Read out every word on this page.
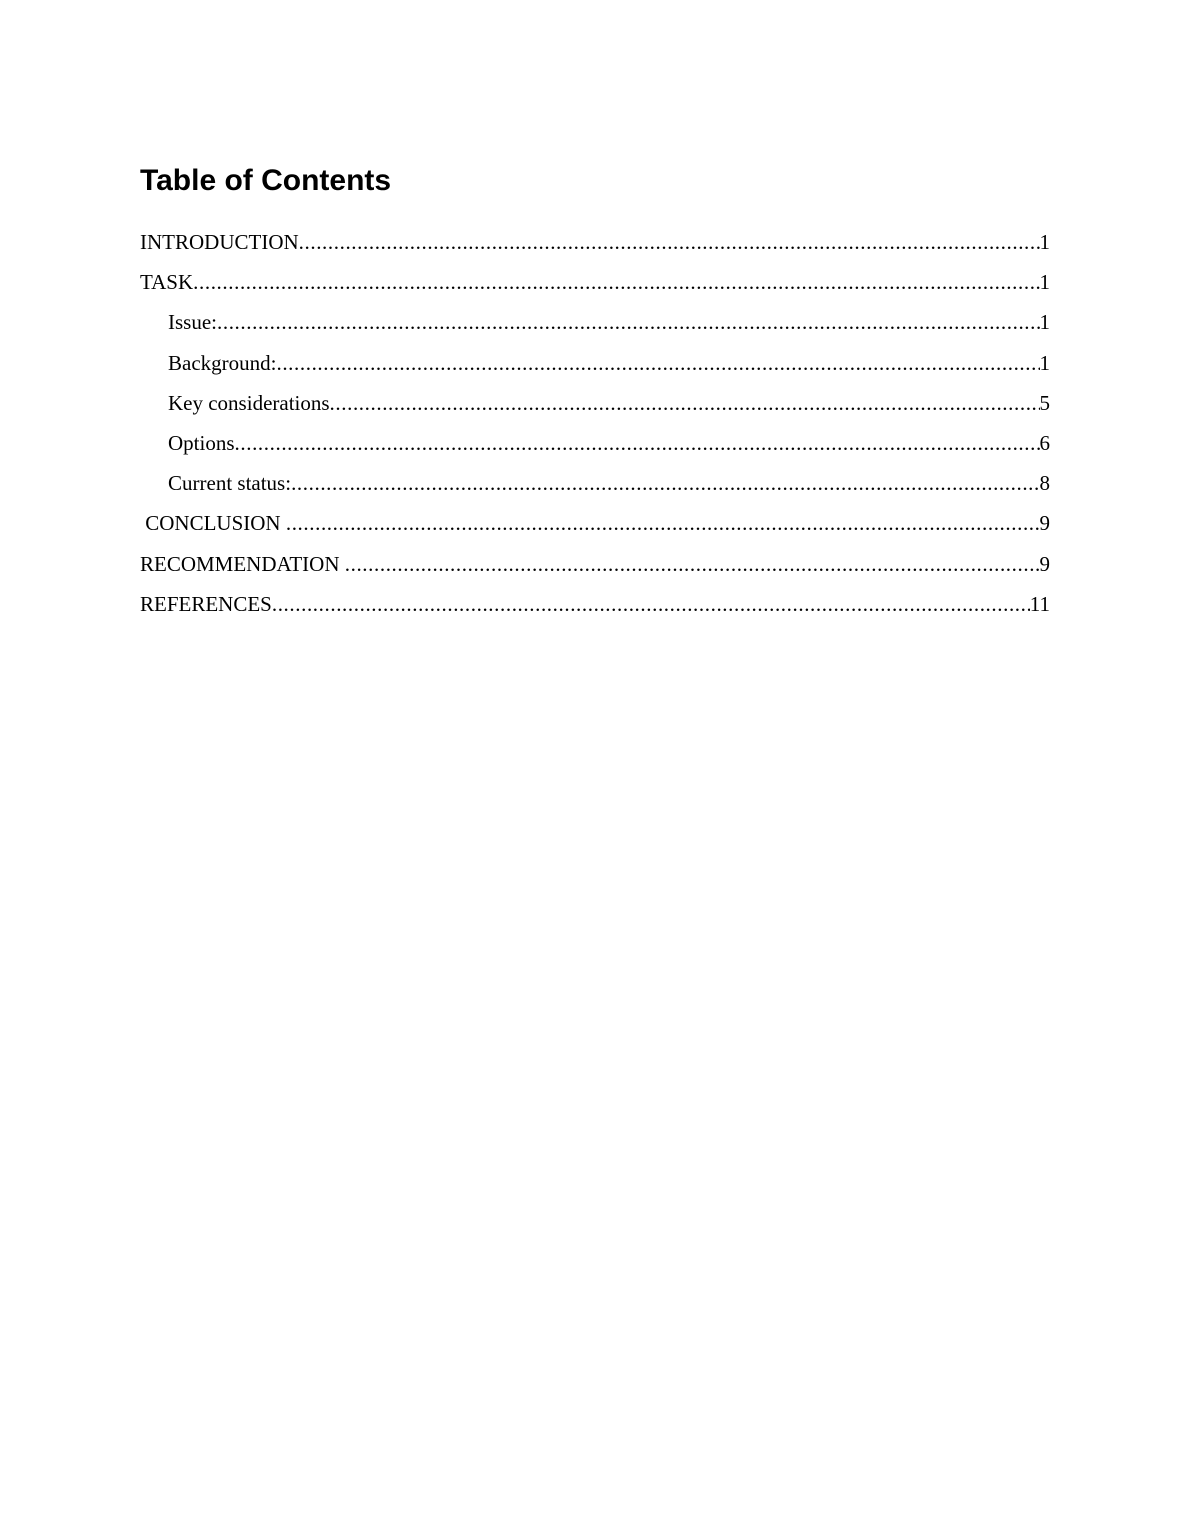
Table of Contents
INTRODUCTION .....	1
TASK .....	1
Issue: .....	1
Background: .....	1
Key considerations .....	5
Options .....	6
Current status: .....	8
CONCLUSION .....	9
RECOMMENDATION .....	9
REFERENCES .....	11
